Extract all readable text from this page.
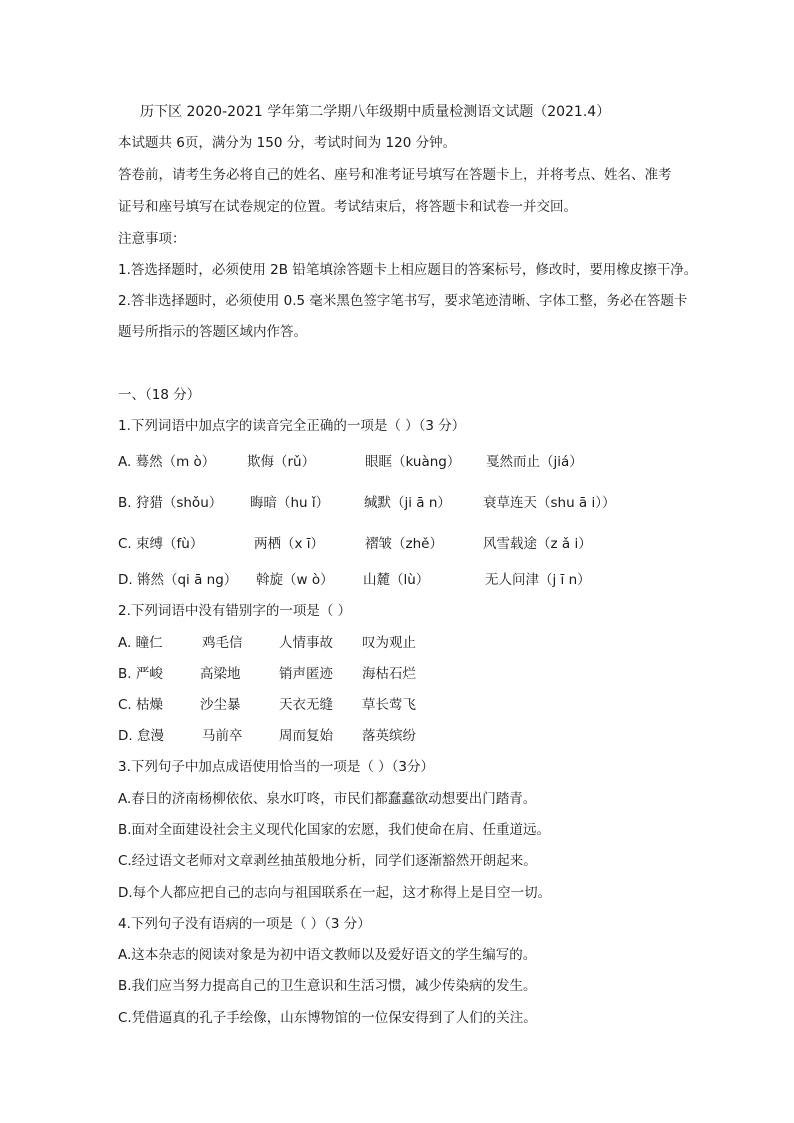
历下区 2020-2021 学年第二学期八年级期中质量检测语文试题（2021.4）
本试题共 6页，满分为 150 分，考试时间为 120 分钟。
答卷前，请考生务必将自己的姓名、座号和准考证号填写在答题卡上，并将考点、姓名、准考
证号和座号填写在试卷规定的位置。考试结束后，将答题卡和试卷一并交回。
注意事项：
1.答选择题时，必须使用 2B 铅笔填涂答题卡上相应题目的答案标号，修改时，要用橡皮擦干净。
2.答非选择题时，必须使用 0.5 毫米黑色签字笔书写，要求笔迹清晰、字体工整，务必在答题卡
题号所指示的答题区域内作答。
一、（18 分）
1.下列词语中加点字的读音完全正确的一项是（ ）（3 分）
A. 蓦然（m ò） 欺侮（rǔ）	眼眶（kuàng） 戛然而止（jiá）
B. 狩猎（shǒu） 晦暗（hu ǐ）	缄默（ji ā n） 衰草连天（shu ā i））
C. 束缚（fù）	两栖（x ī）	褶皱（zhě）	风雪载途（z ǎ i）
D. 锵然（qi ā ng） 斡旋（w ò） 山麓（lù）	无人问津（j ī n）
2.下列词语中没有错别字的一项是（ ）
A. 瞳仁	鸡毛信	人情事故 叹为观止
B. 严峻	高梁地	销声匿迹 海枯石烂
C. 枯燥	沙尘暴	天衣无缝 草长莺飞
D. 怠漫	马前卒	周而复始 落英缤纷
3.下列句子中加点成语使用恰当的一项是（ ）（3分）
A.春日的济南杨柳依依、泉水叮咚，市民们都蠢蠢欲动想要出门踏青。
B.面对全面建设社会主义现代化国家的宏愿，我们使命在肩、任重道远。
C.经过语文老师对文章剥丝抽茧般地分析，同学们逐渐豁然开朗起来。
D.每个人都应把自己的志向与祖国联系在一起，这才称得上是目空一切。
4.下列句子没有语病的一项是（ ）（3 分）
A.这本杂志的阅读对象是为初中语文教师以及爱好语文的学生编写的。
B.我们应当努力提高自己的卫生意识和生活习惯，减少传染病的发生。
C.凭借逼真的孔子手绘像，山东博物馆的一位保安得到了人们的关注。
